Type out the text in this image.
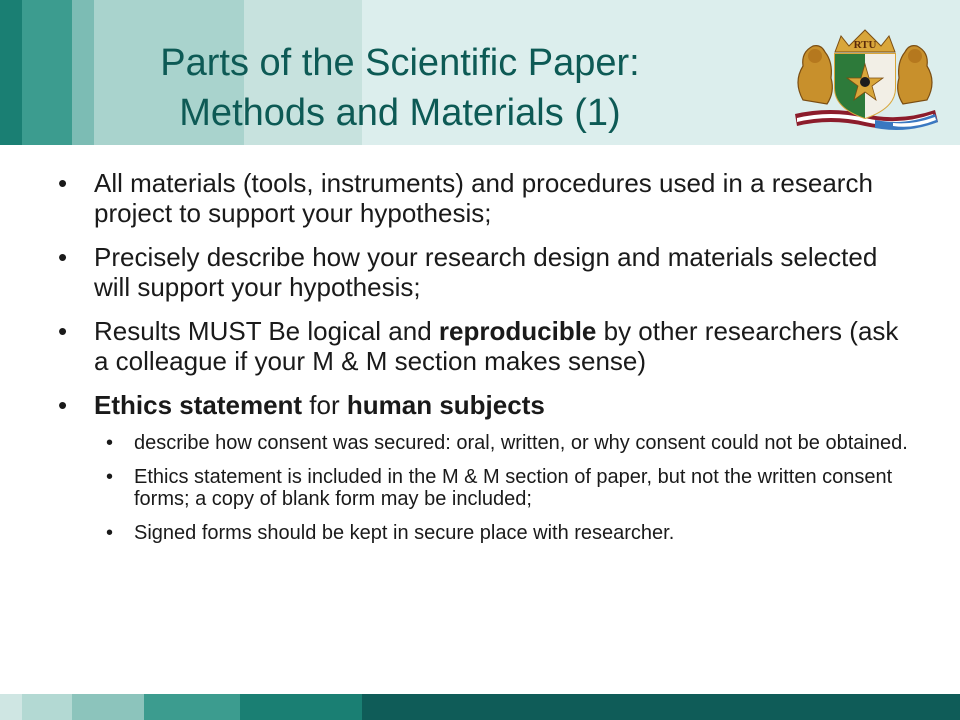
Parts of the Scientific Paper:
Methods and Materials (1)
RTU
• All materials (tools, instruments) and procedures used in a research project to support your hypothesis;
• Precisely describe how your research design and materials selected will support your hypothesis;
• Results MUST Be logical and reproducible by other researchers (ask a colleague if your M & M section makes sense)
• Ethics statement for human subjects
• describe how consent was secured: oral, written, or why consent could not be obtained.
• Ethics statement is included in the M & M section of paper, but not the written consent forms; a copy of blank form may be included;
• Signed forms should be kept in secure place with researcher.
